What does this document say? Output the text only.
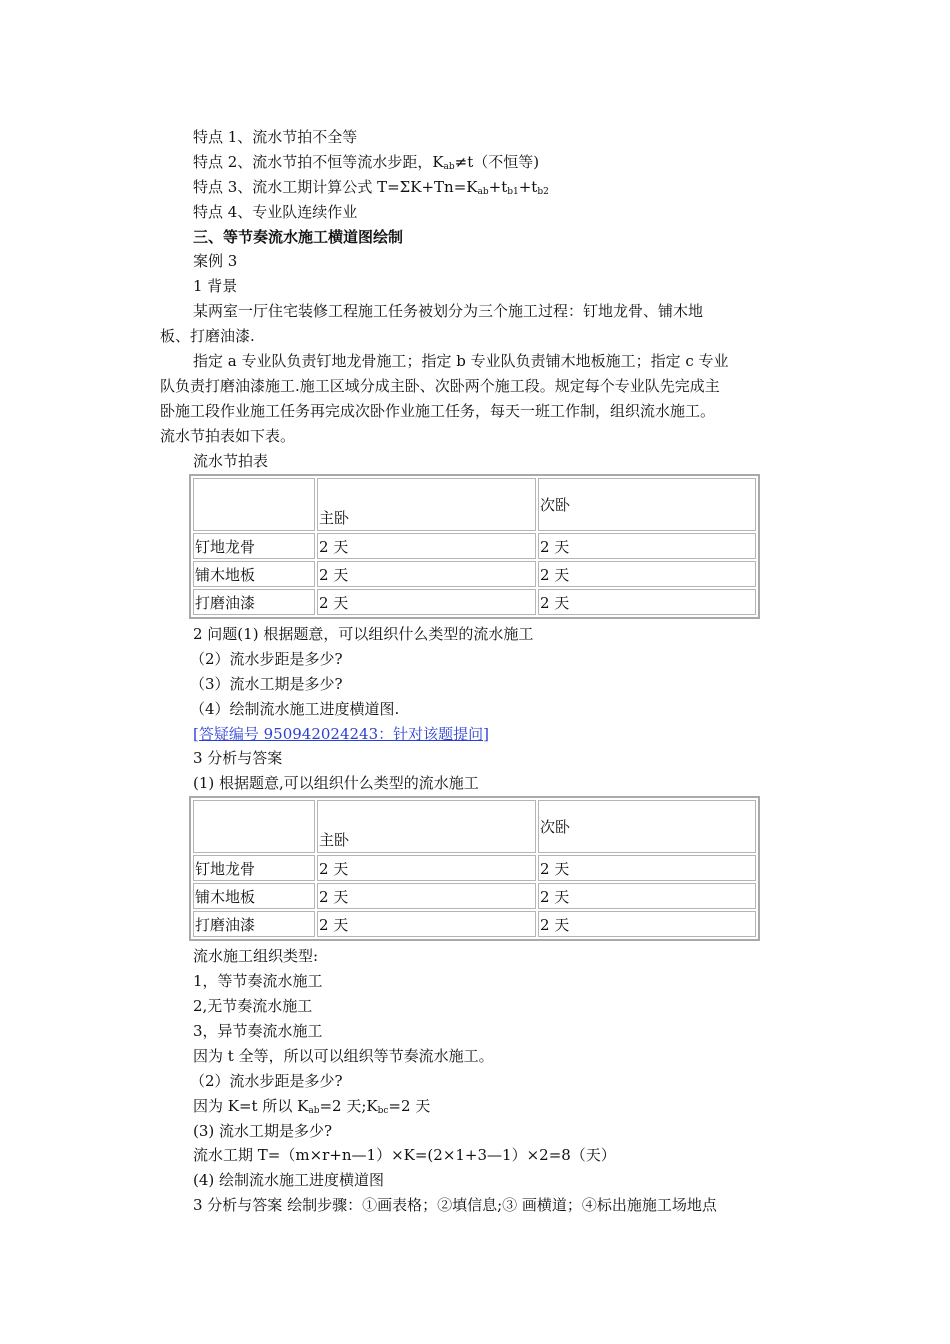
特点 1、流水节拍不全等
特点 2、流水节拍不恒等流水步距，$K_{ab}\ne t$（不恒等)
特点 3、流水工期计算公式 $T=\Sigma K+Tn=K_{ab}+t_{b1}+t_{b2}$
特点 4、专业队连续作业
三、等节奏流水施工横道图绘制
案例 3
1 背景
某两室一厅住宅装修工程施工任务被划分为三个施工过程：钉地龙骨、铺木地
板、打磨油漆.
指定 a 专业队负责钉地龙骨施工；指定 b 专业队负责铺木地板施工；指定 c 专业
队负责打磨油漆施工.施工区域分成主卧、次卧两个施工段。规定每个专业队先完成主
卧施工段作业施工任务再完成次卧作业施工任务，每天一班工作制，组织流水施工。
流水节拍表如下表。
流水节拍表
	主卧	次卧
钉地龙骨	2 天	2 天
铺木地板	2 天	2 天
打磨油漆	2 天	2 天
2 问题(1) 根据题意，可以组织什么类型的流水施工
（2）流水步距是多少?
（3）流水工期是多少?
（4）绘制流水施工进度横道图.
[答疑编号 950942024243：针对该题提问]
3 分析与答案
(1) 根据题意,可以组织什么类型的流水施工
	主卧	次卧
钉地龙骨	2 天	2 天
铺木地板	2 天	2 天
打磨油漆	2 天	2 天
流水施工组织类型:
1，等节奏流水施工
2,无节奏流水施工
3，异节奏流水施工
因为 t 全等，所以可以组织等节奏流水施工。
（2）流水步距是多少?
因为 K=t 所以 $K_{ab}=2$ 天$;K_{bc}=2$ 天
(3) 流水工期是多少?
流水工期 T=（m×r+n—1）×K=(2×1+3—1）×2=8（天）
(4) 绘制流水施工进度横道图
3 分析与答案 绘制步骤：①画表格；②填信息;③ 画横道；④标出施施工场地点
